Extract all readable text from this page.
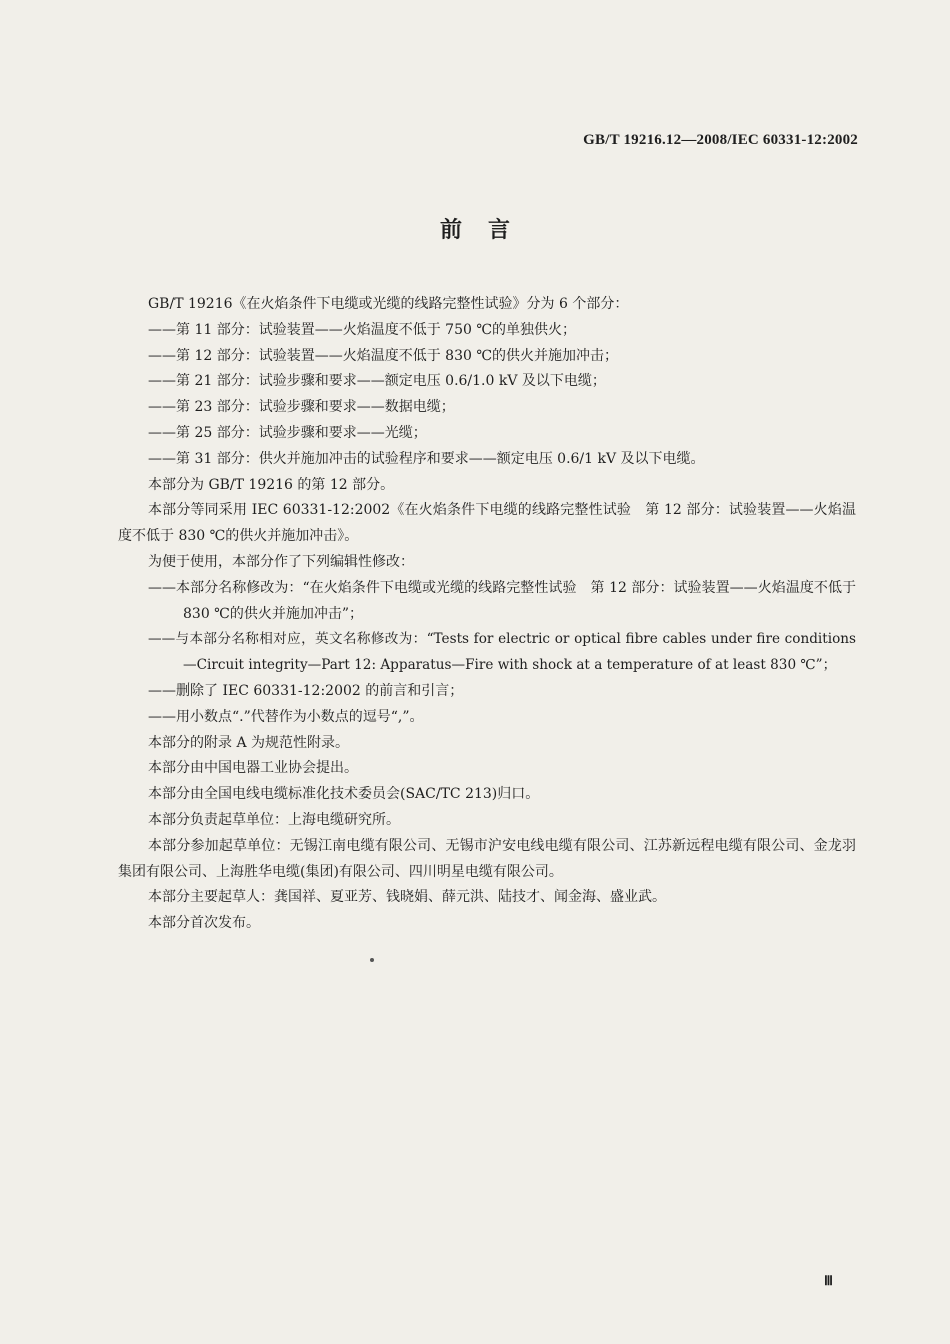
GB/T 19216.12—2008/IEC 60331-12:2002
前言

GB/T 19216《在火焰条件下电缆或光缆的线路完整性试验》分为 6 个部分：

——第 11 部分：试验装置——火焰温度不低于 750 ℃的单独供火；

——第 12 部分：试验装置——火焰温度不低于 830 ℃的供火并施加冲击；

——第 21 部分：试验步骤和要求——额定电压 0.6/1.0 kV 及以下电缆；

——第 23 部分：试验步骤和要求——数据电缆；

——第 25 部分：试验步骤和要求——光缆；

——第 31 部分：供火并施加冲击的试验程序和要求——额定电压 0.6/1 kV 及以下电缆。

本部分为 GB/T 19216 的第 12 部分。

本部分等同采用 IEC 60331-12:2002《在火焰条件下电缆的线路完整性试验　第 12 部分：试验装置——火焰温度不低于 830 ℃的供火并施加冲击》。

为便于使用，本部分作了下列编辑性修改：

——本部分名称修改为：“在火焰条件下电缆或光缆的线路完整性试验　第 12 部分：试验装置——火焰温度不低于 830 ℃的供火并施加冲击”；

——与本部分名称相对应，英文名称修改为：“Tests for electric or optical fibre cables under fire conditions—Circuit integrity—Part 12: Apparatus—Fire with shock at a temperature of at least 830 ℃”；

——删除了 IEC 60331-12:2002 的前言和引言；

——用小数点“.”代替作为小数点的逗号“,”。

本部分的附录 A 为规范性附录。

本部分由中国电器工业协会提出。

本部分由全国电线电缆标准化技术委员会(SAC/TC 213)归口。

本部分负责起草单位：上海电缆研究所。

本部分参加起草单位：无锡江南电缆有限公司、无锡市沪安电线电缆有限公司、江苏新远程电缆有限公司、金龙羽集团有限公司、上海胜华电缆(集团)有限公司、四川明星电缆有限公司。

本部分主要起草人：龚国祥、夏亚芳、钱晓娟、薛元洪、陆技才、闻金海、盛业武。

本部分首次发布。

Ⅲ
